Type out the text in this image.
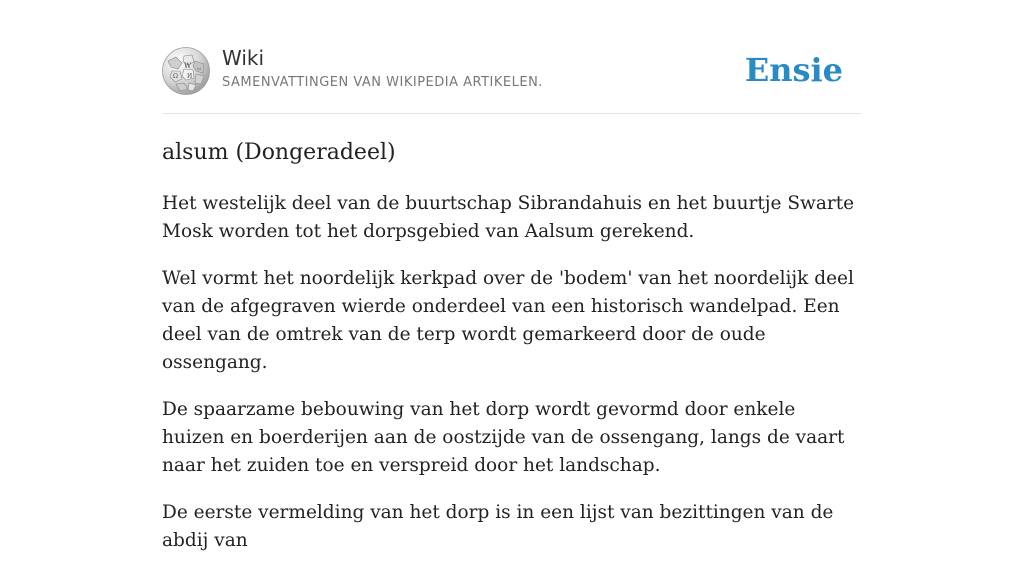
W
Ω И
ω Wiki
SAMENVATTINGEN VAN WIKIPEDIA ARTIKELEN.	Ensie
alsum (Dongeradeel)

Het westelijk deel van de buurtschap Sibrandahuis en het buurtje Swarte Mosk worden tot het dorpsgebied van Aalsum gerekend.

Wel vormt het noordelijk kerkpad over de 'bodem' van het noordelijk deel van de afgegraven wierde onderdeel van een historisch wandelpad. Een deel van de omtrek van de terp wordt gemarkeerd door de oude ossengang.

De spaarzame bebouwing van het dorp wordt gevormd door enkele huizen en boerderijen aan de oostzijde van de ossengang, langs de vaart naar het zuiden toe en verspreid door het landschap.

De eerste vermelding van het dorp is in een lijst van bezittingen van de abdij van
